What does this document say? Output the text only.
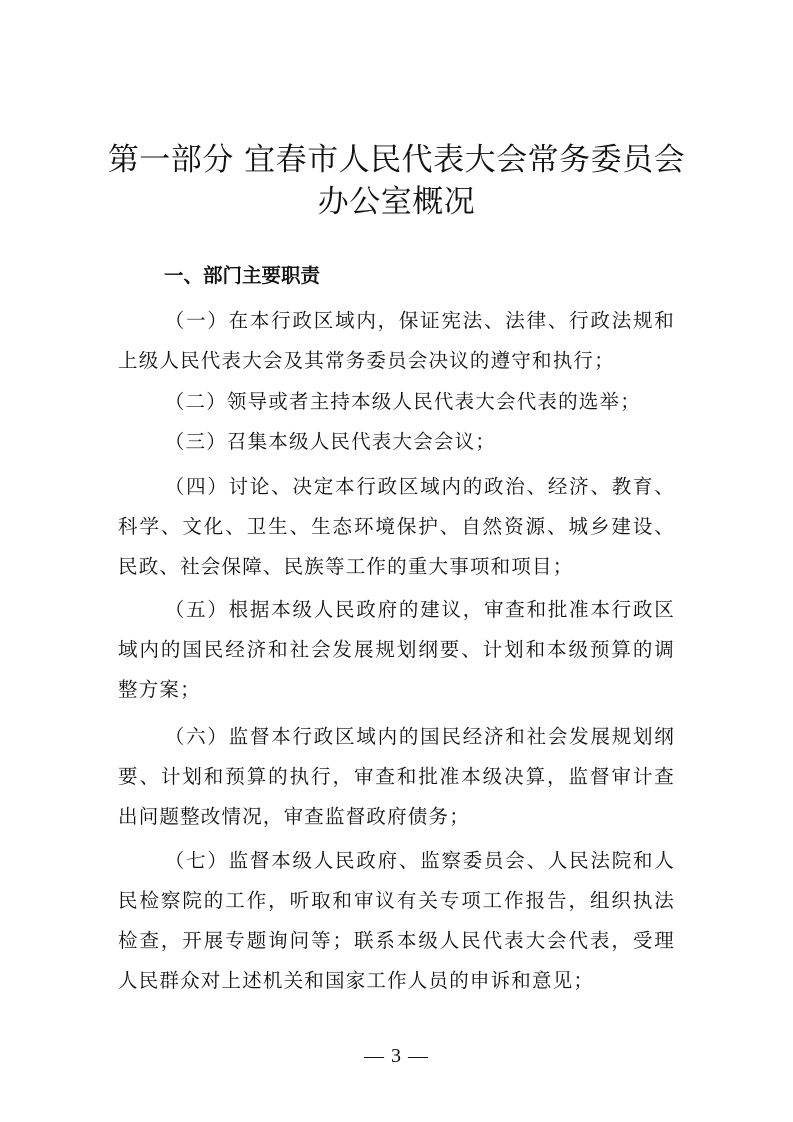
第一部分 宜春市人民代表大会常务委员会
办公室概况
一、部门主要职责

（一）在本行政区域内，保证宪法、法律、行政法规和上级人民代表大会及其常务委员会决议的遵守和执行；

（二）领导或者主持本级人民代表大会代表的选举；

（三）召集本级人民代表大会会议；

（四）讨论、决定本行政区域内的政治、经济、教育、科学、文化、卫生、生态环境保护、自然资源、城乡建设、民政、社会保障、民族等工作的重大事项和项目；

（五）根据本级人民政府的建议，审查和批准本行政区域内的国民经济和社会发展规划纲要、计划和本级预算的调整方案；

（六）监督本行政区域内的国民经济和社会发展规划纲要、计划和预算的执行，审查和批准本级决算，监督审计查出问题整改情况，审查监督政府债务；

（七）监督本级人民政府、监察委员会、人民法院和人民检察院的工作，听取和审议有关专项工作报告，组织执法检查，开展专题询问等；联系本级人民代表大会代表，受理人民群众对上述机关和国家工作人员的申诉和意见；

— 3 —
